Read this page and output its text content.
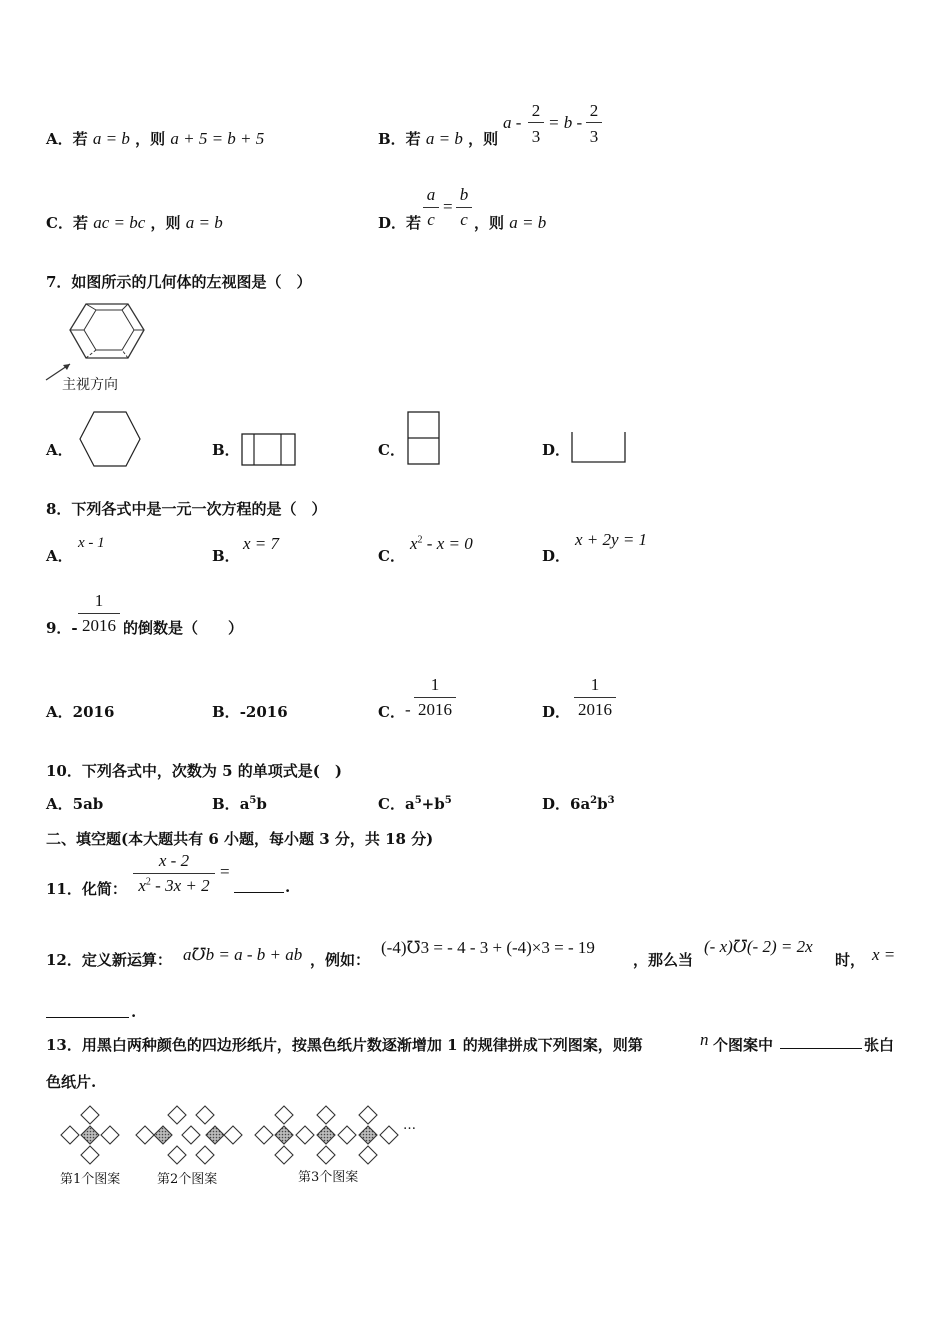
A．若 a = b ，则 a + 5 = b + 5	B．若 a = b ，则
a -
2
3
= b -
2
3
C．若 ac = bc ，则 a = b	D．若
a
c
=
b
c ，则 a = b
7．如图所示的几何体的左视图是（　）
主视方向
A．	B．	C．	D．
8．下列各式中是一元一次方程的是（　）
A．
x - 1
B．
x = 7
C．
$x^2 - x = 0$
D．
x + 2y = 1
9．-
1
2016 的倒数是（　　）
A．2016	B．-2016	C． -
1
2016	D．
1
2016
10．下列各式中，次数为 5 的单项式是(　)
A．5ab	B．$a^5b$	C．$a^5+b^5$	D．$6a^2b^3$
二、填空题(本大题共有 6 小题，每小题 3 分，共 18 分)
11．化简：
x - 2
$x^2 - 3x + 2$
=
.
12．定义新运算： a℧b = a - b + ab ，例如：
(-4)℧3 = - 4 - 3 + (-4)×3 = - 19
，那么当
(- x)℧(- 2) = 2x
时， x =
.
13．用黑白两种颜色的四边形纸片，按黑色纸片数逐渐增加 1 的规律拼成下列图案，则第	n 个图案中	张白
色纸片.
…
第1个图案	第2个图案	第3个图案
